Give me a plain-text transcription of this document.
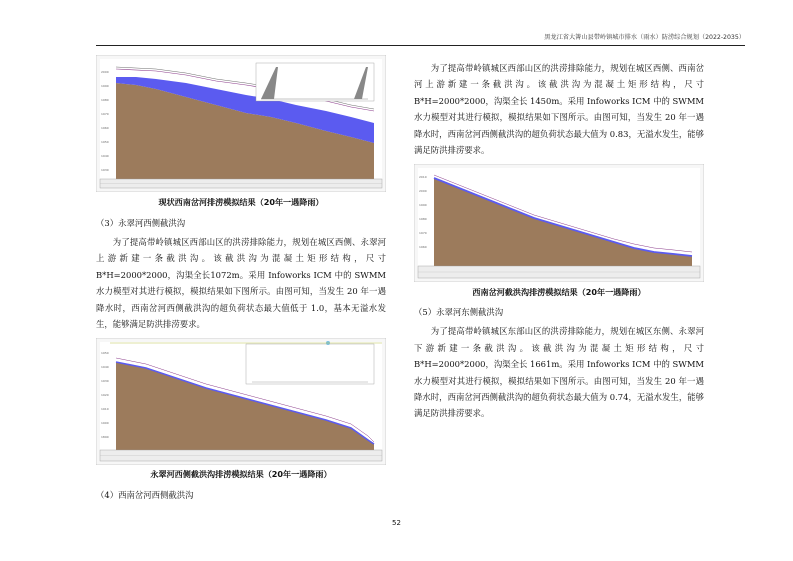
黑龙江省大箐山县带岭镇城市排水（雨水）防涝综合规划（2022-2035）
2000
1990
1980
1970
1960
1950
1940
1930
现状西南岔河排涝模拟结果（20年一遇降雨）
（3）永翠河西侧截洪沟
为了提高带岭镇城区西部山区的洪涝排除能力，规划在城区西侧、永翠河上游新建一条截洪沟。该截洪沟为混凝土矩形结构，尺寸 B*H=2000*2000，沟渠全长1072m。采用 Infoworks ICM 中的 SWMM 水力模型对其进行模拟，模拟结果如下图所示。由图可知，当发生 20 年一遇降水时，西南岔河西侧截洪沟的超负荷状态最大值低于 1.0，基本无溢水发生，能够满足防洪排涝要求。
1950
1940
1930
1920
1910
1900
1890
永翠河西侧截洪沟排涝模拟结果（20年一遇降雨）
（4）西南岔河西侧截洪沟
为了提高带岭镇城区西部山区的洪涝排除能力，规划在城区西侧、西南岔河上游新建一条截洪沟。该截洪沟为混凝土矩形结构，尺寸 B*H=2000*2000，沟渠全长 1450m。采用 Infoworks ICM 中的 SWMM 水力模型对其进行模拟，模拟结果如下图所示。由图可知，当发生 20 年一遇降水时，西南岔河西侧截洪沟的超负荷状态最大值为 0.83，无溢水发生，能够满足防洪排涝要求。
2010
2000
1990
1980
1970
1960
西南岔河截洪沟排涝模拟结果（20年一遇降雨）
（5）永翠河东侧截洪沟
为了提高带岭镇城区东部山区的洪涝排除能力，规划在城区东侧、永翠河下游新建一条截洪沟。该截洪沟为混凝土矩形结构，尺寸 B*H=2000*2000，沟渠全长 1661m。采用 Infoworks ICM 中的 SWMM 水力模型对其进行模拟，模拟结果如下图所示。由图可知，当发生 20 年一遇降水时，西南岔河西侧截洪沟的超负荷状态最大值为 0.74，无溢水发生，能够满足防洪排涝要求。
52
